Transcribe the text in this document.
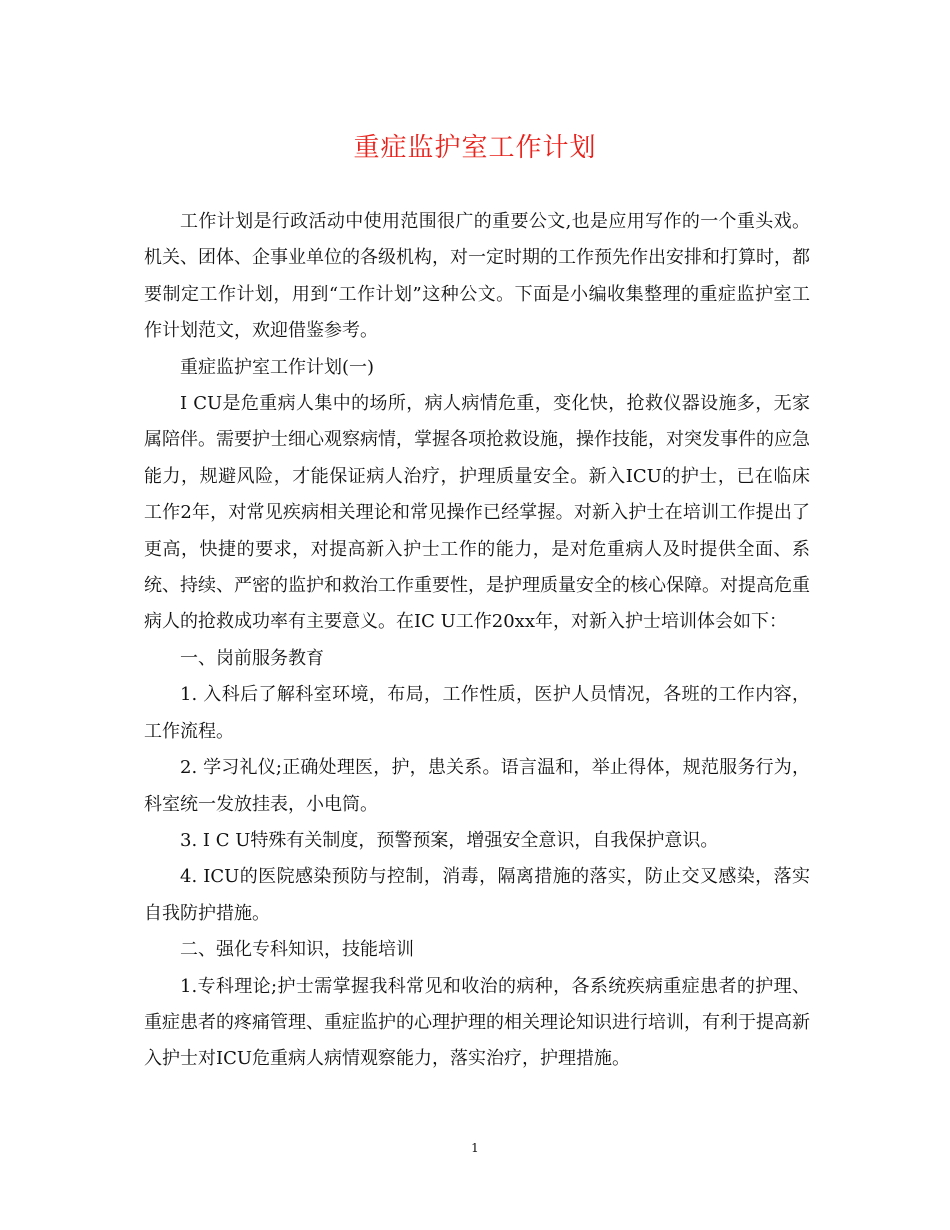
重症监护室工作计划

工作计划是行政活动中使用范围很广的重要公文,也是应用写作的一个重头戏。机关、团体、企事业单位的各级机构，对一定时期的工作预先作出安排和打算时，都要制定工作计划，用到“工作计划”这种公文。下面是小编收集整理的重症监护室工作计划范文，欢迎借鉴参考。

重症监护室工作计划(一)

I CU是危重病人集中的场所，病人病情危重，变化快，抢救仪器设施多，无家属陪伴。需要护士细心观察病情，掌握各项抢救设施，操作技能，对突发事件的应急能力，规避风险，才能保证病人治疗，护理质量安全。新入ICU的护士，已在临床工作2年，对常见疾病相关理论和常见操作已经掌握。对新入护士在培训工作提出了更高，快捷的要求，对提高新入护士工作的能力，是对危重病人及时提供全面、系统、持续、严密的监护和救治工作重要性，是护理质量安全的核心保障。对提高危重病人的抢救成功率有主要意义。在IC U工作20xx年，对新入护士培训体会如下：

一、岗前服务教育

1. 入科后了解科室环境，布局，工作性质，医护人员情况，各班的工作内容，工作流程。

2. 学习礼仪;正确处理医，护，患关系。语言温和，举止得体，规范服务行为，科室统一发放挂表，小电筒。

3. I C U特殊有关制度，预警预案，增强安全意识，自我保护意识。

4. ICU的医院感染预防与控制，消毒，隔离措施的落实，防止交叉感染，落实自我防护措施。

二、强化专科知识，技能培训

1.专科理论;护士需掌握我科常见和收治的病种，各系统疾病重症患者的护理、重症患者的疼痛管理、重症监护的心理护理的相关理论知识进行培训，有利于提高新入护士对ICU危重病人病情观察能力，落实治疗，护理措施。

1
